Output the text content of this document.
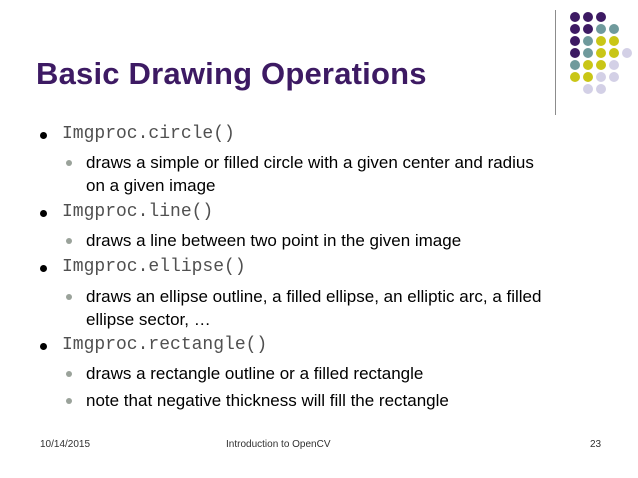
Basic Drawing Operations
Imgproc.circle()
draws a simple or filled circle with a given center and radius
on a given image
Imgproc.line()
draws a line between two point in the given image
Imgproc.ellipse()
draws an ellipse outline, a filled ellipse, an elliptic arc, a filled
ellipse sector, …
Imgproc.rectangle()
draws a rectangle outline or a filled rectangle
note that negative thickness will fill the rectangle
10/14/2015	Introduction to OpenCV	23
